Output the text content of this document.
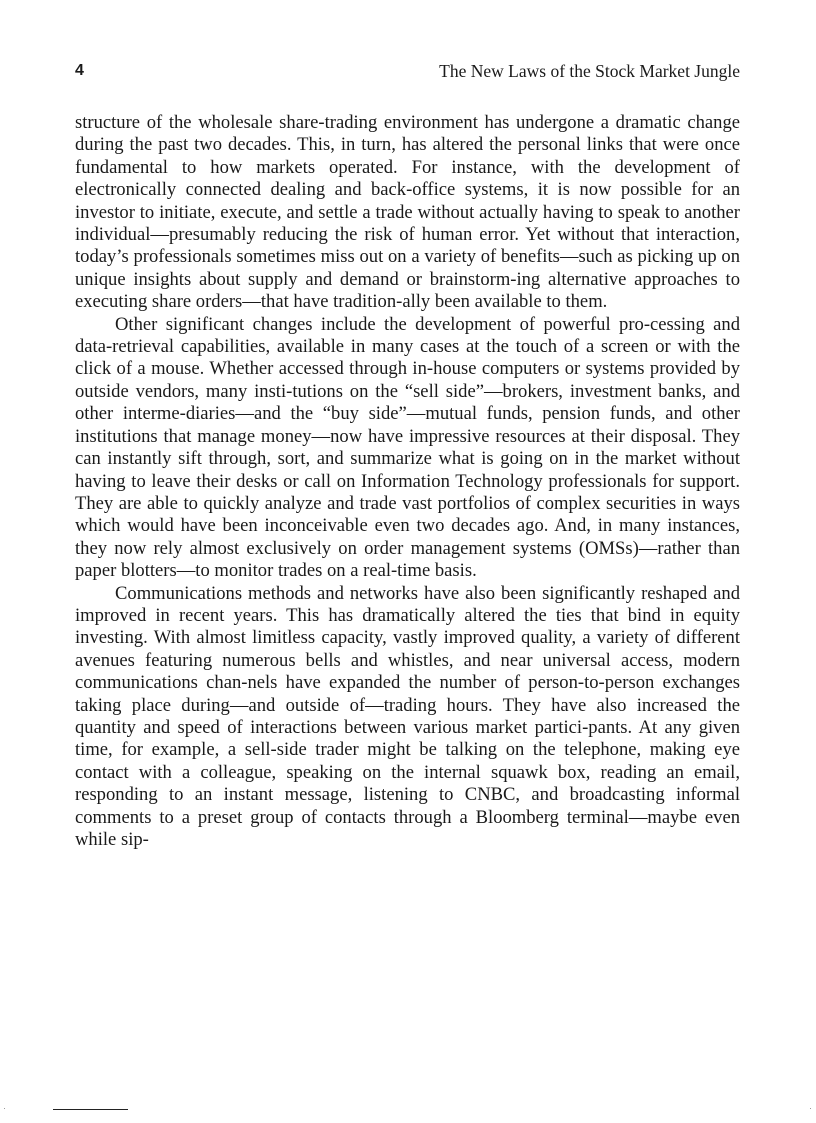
4	The New Laws of the Stock Market Jungle

structure of the wholesale share-trading environment has undergone a dramatic change during the past two decades. This, in turn, has altered the personal links that were once fundamental to how markets operated. For instance, with the development of electronically connected dealing and back-office systems, it is now possible for an investor to initiate, execute, and settle a trade without actually having to speak to another individual—presumably reducing the risk of human error. Yet without that interaction, today’s professionals sometimes miss out on a variety of benefits—such as picking up on unique insights about supply and demand or brainstorm-ing alternative approaches to executing share orders—that have tradition-ally been available to them.

Other significant changes include the development of powerful pro-cessing and data-retrieval capabilities, available in many cases at the touch of a screen or with the click of a mouse. Whether accessed through in-house computers or systems provided by outside vendors, many insti-tutions on the “sell side”—brokers, investment banks, and other interme-diaries—and the “buy side”—mutual funds, pension funds, and other institutions that manage money—now have impressive resources at their disposal. They can instantly sift through, sort, and summarize what is going on in the market without having to leave their desks or call on Information Technology professionals for support. They are able to quickly analyze and trade vast portfolios of complex securities in ways which would have been inconceivable even two decades ago. And, in many instances, they now rely almost exclusively on order management systems (OMSs)—rather than paper blotters—to monitor trades on a real-time basis.

Communications methods and networks have also been significantly reshaped and improved in recent years. This has dramatically altered the ties that bind in equity investing. With almost limitless capacity, vastly improved quality, a variety of different avenues featuring numerous bells and whistles, and near universal access, modern communications chan-nels have expanded the number of person-to-person exchanges taking place during—and outside of—trading hours. They have also increased the quantity and speed of interactions between various market partici-pants. At any given time, for example, a sell-side trader might be talking on the telephone, making eye contact with a colleague, speaking on the internal squawk box, reading an email, responding to an instant message, listening to CNBC, and broadcasting informal comments to a preset group of contacts through a Bloomberg terminal—maybe even while sip-
